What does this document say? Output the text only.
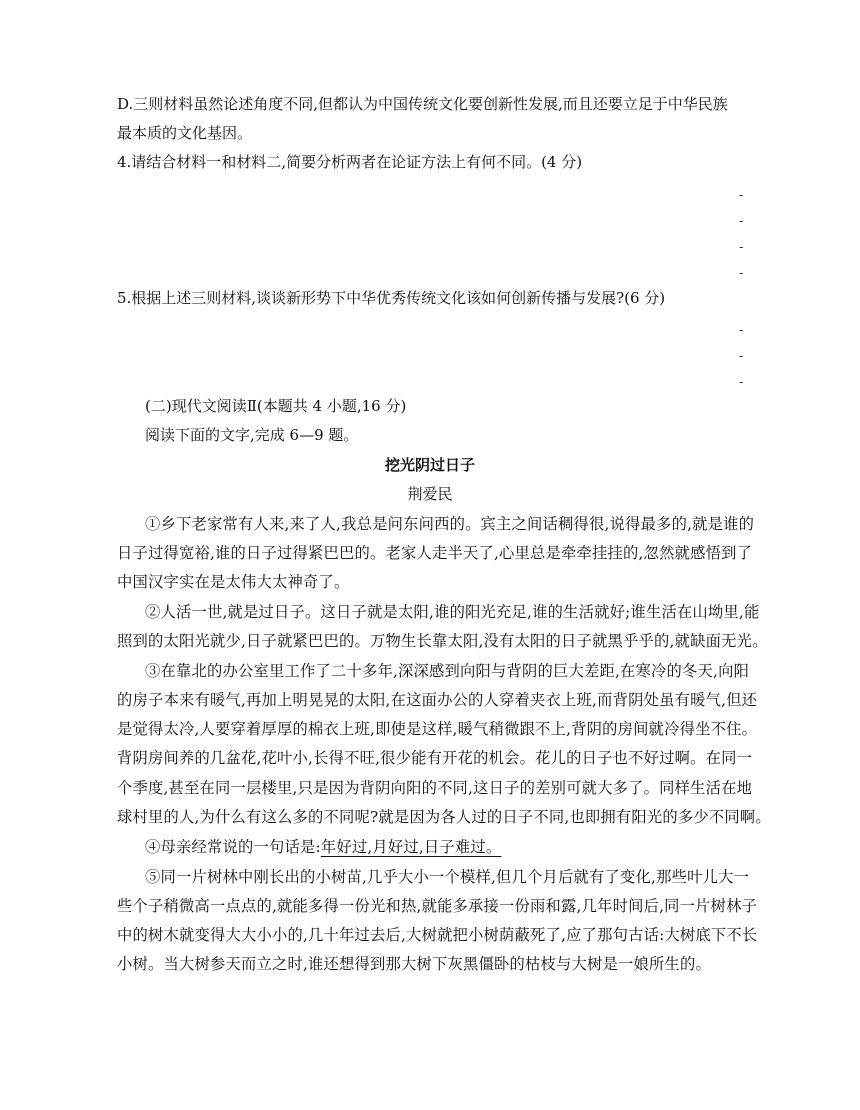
D.三则材料虽然论述角度不同,但都认为中国传统文化要创新性发展,而且还要立足于中华民族
最本质的文化基因。
4.请结合材料一和材料二,简要分析两者在论证方法上有何不同。(4 分)
-
-
-
-
5.根据上述三则材料,谈谈新形势下中华优秀传统文化该如何创新传播与发展?(6 分)
-
-
-
(二)现代文阅读Ⅱ(本题共 4 小题,16 分)
阅读下面的文字,完成 6—9 题。
挖光阴过日子
荆爱民
①乡下老家常有人来,来了人,我总是问东问西的。宾主之间话稠得很,说得最多的,就是谁的
日子过得宽裕,谁的日子过得紧巴巴的。老家人走半天了,心里总是牵牵挂挂的,忽然就感悟到了
中国汉字实在是太伟大太神奇了。
②人活一世,就是过日子。这日子就是太阳,谁的阳光充足,谁的生活就好;谁生活在山坳里,能
照到的太阳光就少,日子就紧巴巴的。万物生长靠太阳,没有太阳的日子就黑乎乎的,就缺面无光。
③在靠北的办公室里工作了二十多年,深深感到向阳与背阴的巨大差距,在寒冷的冬天,向阳
的房子本来有暖气,再加上明晃晃的太阳,在这面办公的人穿着夹衣上班,而背阴处虽有暖气,但还
是觉得太冷,人要穿着厚厚的棉衣上班,即使是这样,暖气稍微跟不上,背阴的房间就冷得坐不住。
背阴房间养的几盆花,花叶小,长得不旺,很少能有开花的机会。花儿的日子也不好过啊。在同一
个季度,甚至在同一层楼里,只是因为背阴向阳的不同,这日子的差别可就大多了。同样生活在地
球村里的人,为什么有这么多的不同呢?就是因为各人过的日子不同,也即拥有阳光的多少不同啊。
④母亲经常说的一句话是:年好过,月好过,日子难过。
⑤同一片树林中刚长出的小树苗,几乎大小一个模样,但几个月后就有了变化,那些叶儿大一
些个子稍微高一点点的,就能多得一份光和热,就能多承接一份雨和露,几年时间后,同一片树林子
中的树木就变得大大小小的,几十年过去后,大树就把小树荫蔽死了,应了那句古话:大树底下不长
小树。当大树参天而立之时,谁还想得到那大树下灰黑僵卧的枯枝与大树是一娘所生的。
